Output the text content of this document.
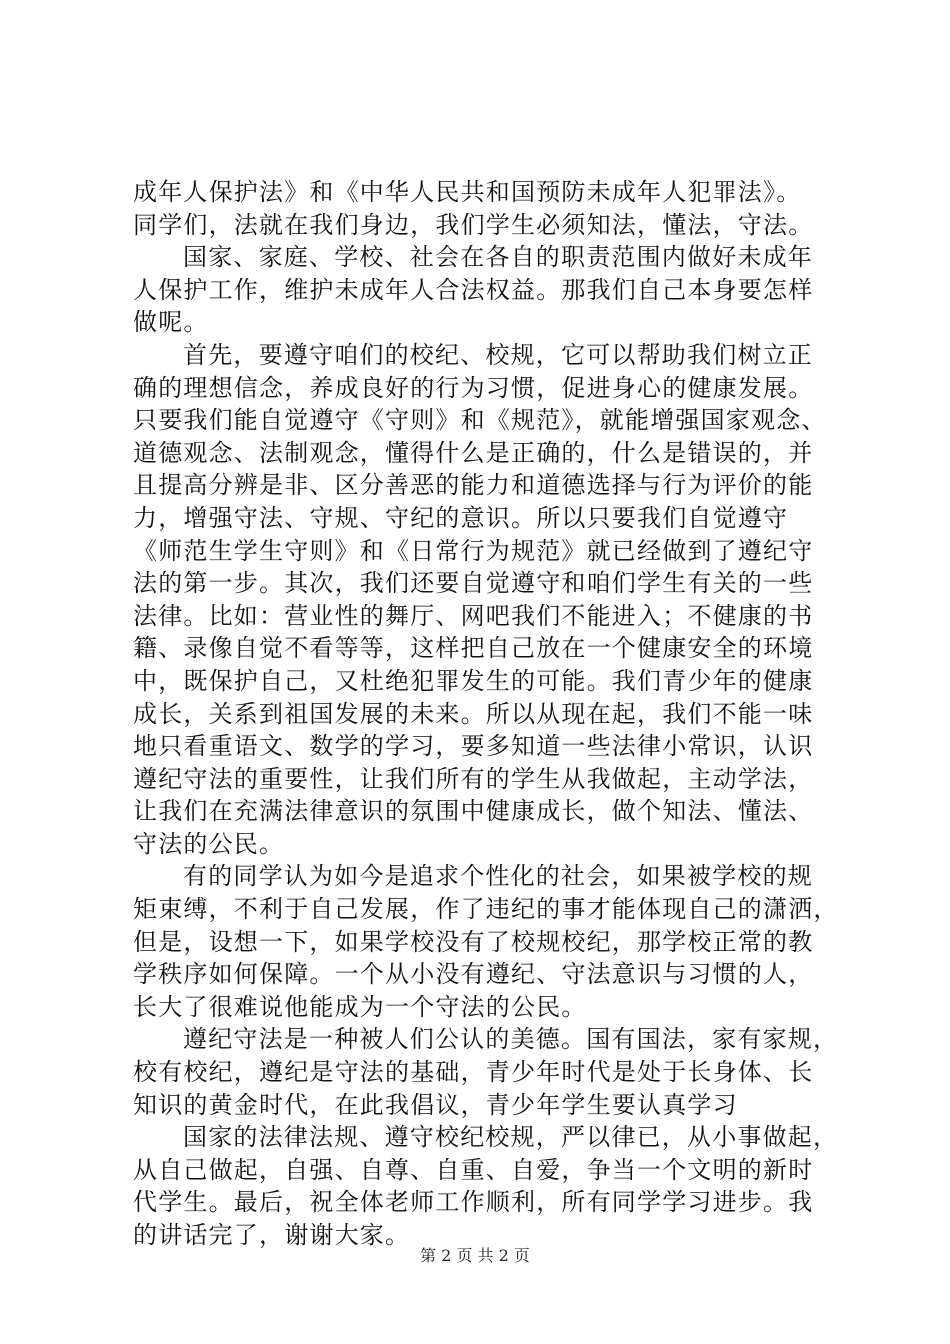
成年人保护法》和《中华人民共和国预防未成年人犯罪法》。
同学们，法就在我们身边，我们学生必须知法，懂法，守法。
国家、家庭、学校、社会在各自的职责范围内做好未成年
人保护工作，维护未成年人合法权益。那我们自己本身要怎样
做呢。
首先，要遵守咱们的校纪、校规，它可以帮助我们树立正
确的理想信念，养成良好的行为习惯，促进身心的健康发展。
只要我们能自觉遵守《守则》和《规范》，就能增强国家观念、
道德观念、法制观念，懂得什么是正确的，什么是错误的，并
且提高分辨是非、区分善恶的能力和道德选择与行为评价的能
力，增强守法、守规、守纪的意识。所以只要我们自觉遵守
《师范生学生守则》和《日常行为规范》就已经做到了遵纪守
法的第一步。其次，我们还要自觉遵守和咱们学生有关的一些
法律。比如：营业性的舞厅、网吧我们不能进入；不健康的书
籍、录像自觉不看等等，这样把自己放在一个健康安全的环境
中，既保护自己，又杜绝犯罪发生的可能。我们青少年的健康
成长，关系到祖国发展的未来。所以从现在起，我们不能一味
地只看重语文、数学的学习，要多知道一些法律小常识，认识
遵纪守法的重要性，让我们所有的学生从我做起，主动学法，
让我们在充满法律意识的氛围中健康成长，做个知法、懂法、
守法的公民。
有的同学认为如今是追求个性化的社会，如果被学校的规
矩束缚，不利于自己发展，作了违纪的事才能体现自己的潇洒，
但是，设想一下，如果学校没有了校规校纪，那学校正常的教
学秩序如何保障。一个从小没有遵纪、守法意识与习惯的人，
长大了很难说他能成为一个守法的公民。
遵纪守法是一种被人们公认的美德。国有国法，家有家规，
校有校纪，遵纪是守法的基础，青少年时代是处于长身体、长
知识的黄金时代，在此我倡议，青少年学生要认真学习
国家的法律法规、遵守校纪校规，严以律已，从小事做起，
从自己做起，自强、自尊、自重、自爱，争当一个文明的新时
代学生。最后，祝全体老师工作顺利，所有同学学习进步。我
的讲话完了，谢谢大家。
第 2 页 共 2 页
